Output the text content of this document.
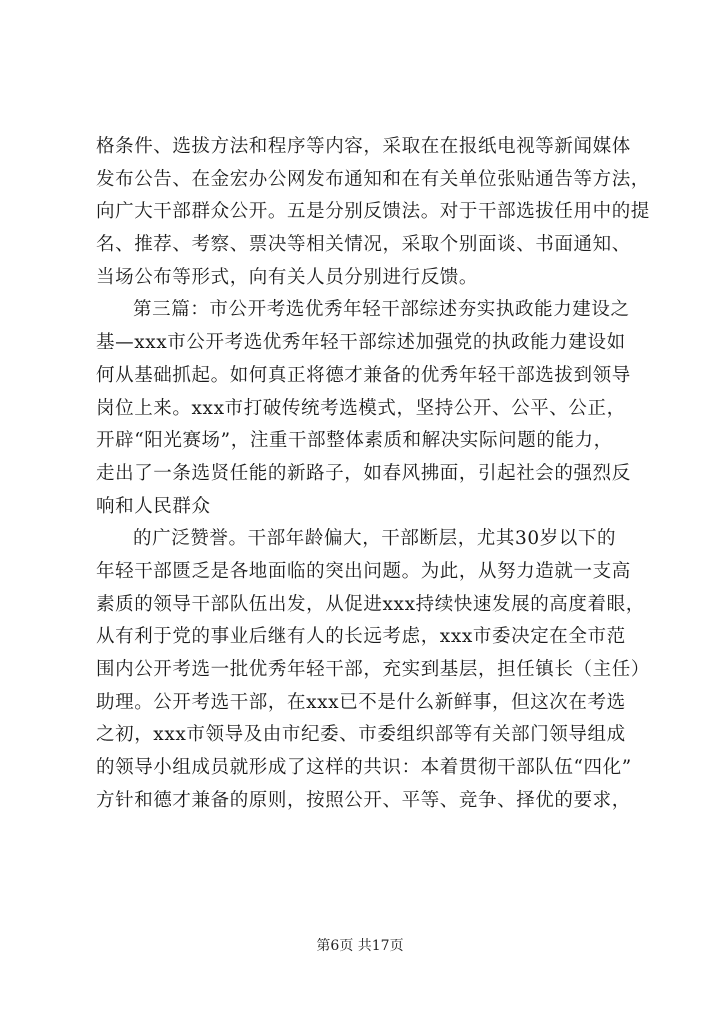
格条件、选拔方法和程序等内容，采取在在报纸电视等新闻媒体
发布公告、在金宏办公网发布通知和在有关单位张贴通告等方法，
向广大干部群众公开。五是分别反馈法。对于干部选拔任用中的提
名、推荐、考察、票决等相关情况，采取个别面谈、书面通知、
当场公布等形式，向有关人员分别进行反馈。
第三篇：市公开考选优秀年轻干部综述夯实执政能力建设之
基—xxx市公开考选优秀年轻干部综述加强党的执政能力建设如
何从基础抓起。如何真正将德才兼备的优秀年轻干部选拔到领导
岗位上来。xxx市打破传统考选模式，坚持公开、公平、公正，
开辟“阳光赛场”，注重干部整体素质和解决实际问题的能力，
走出了一条选贤任能的新路子，如春风拂面，引起社会的强烈反
响和人民群众
的广泛赞誉。干部年龄偏大，干部断层，尤其30岁以下的
年轻干部匮乏是各地面临的突出问题。为此，从努力造就一支高
素质的领导干部队伍出发，从促进xxx持续快速发展的高度着眼，
从有利于党的事业后继有人的长远考虑，xxx市委决定在全市范
围内公开考选一批优秀年轻干部，充实到基层，担任镇长（主任）
助理。公开考选干部，在xxx已不是什么新鲜事，但这次在考选
之初，xxx市领导及由市纪委、市委组织部等有关部门领导组成
的领导小组成员就形成了这样的共识：本着贯彻干部队伍“四化”
方针和德才兼备的原则，按照公开、平等、竞争、择优的要求，
第6页 共17页
